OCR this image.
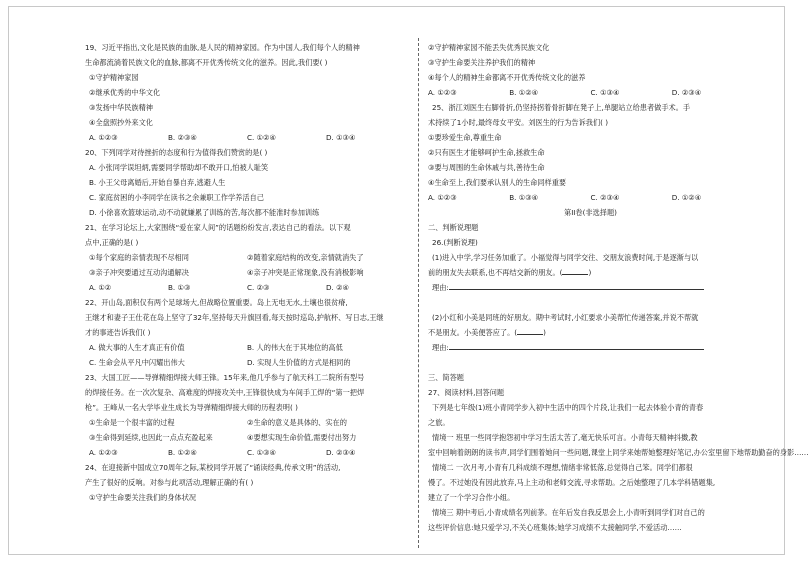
19、习近平指出,文化是民族的血脉,是人民的精神家园。作为中国人,我们每个人的精神
生命都流淌着民族文化的血脉,都离不开优秀传统文化的滋养。因此,我们要( )
①守护精神家园
②继承优秀的中华文化
③发扬中华民族精神
④全盘照抄外来文化
A. ①②③	B. ②③④	C. ①②④	D. ①③④
20、下列同学对待挫折的态度和行为值得我们赞赏的是( )
A. 小张同学误坦炳,需要同学帮助却不敢开口,怕被人耻笑
B. 小王父母离婚后,开始自暴自弃,逃避人生
C. 家庭贫困的小李同学在读书之余兼职工作学养活自己
D. 小徐喜欢篮球运动,动不动就嫌累了训练的苦,每次都不能准时参加训练
21、在学习论坛上,大家围绕“爱在家人间”的话题纷纷发言,表达自己的看法。以下观
点中,正确的是( )
①每个家庭的亲情表现不尽相同	②随着家庭结构的改变,亲情就消失了
③亲子冲突要通过互动沟通解决	④亲子冲突是正常现象,没有消极影响
A. ①②	B. ①③	C. ②③	D. ②④
22、开山岛,面积仅有两个足球场大,但战略位置重要。岛上无电无水,土壤也很贫瘠,
王继才和妻子王仕花在岛上坚守了32年,坚持每天升旗回看,每天按时巡岛,护航杯、写日志,王继
才的事迹告诉我们( )
A. 做大事的人生才真正有价值	B. 人的伟大在于其地位的高低
C. 生命会从平凡中闪耀出伟大	D. 实现人生价值的方式是相同的
23、大国工匠——导弹精细焊接大师王锋。15年来,他几乎参与了航天科工二院所有型号
的焊接任务。在一次次复杂、高难度的焊接攻关中,王锋很快成为车间手工焊的“第一把焊
枪”。王峰从一名大学毕业生成长为导弹精细焊接大师的历程表明( )
①生命是一个很丰富的过程	②生命的意义是具体的、实在的
③生命得到延续,也因此一点点充盈起来	④要想实现生命价值,需要付出努力
A. ①②③	B. ①②④	C. ①③④	D. ②③④
24、在迎接新中国成立70周年之际,某校同学开展了“诵读经典,传承文明”的活动,
产生了很好的反响。对参与此项活动,理解正确的有( )
①守护生命要关注我们的身体状况
②守护精神家园不能丢失优秀民族文化
③守护生命要关注养护我们的精神
④每个人的精神生命都离不开优秀传统文化的滋养
A. ①②③	B. ①②④	C. ①③④	D. ②③④
25、浙江刘医生右脚骨折,仍坚持拐着骨折脚在凳子上,单腿站立给患者做手术。手
术持续了1小时,最终母女平安。刘医生的行为告诉我们( )
①要珍爱生命,尊重生命
②只有医生才能够呵护生命,拯救生命
③要与周围的生命休戚与共,善待生命
④生命至上,我们要承认别人的生命同样重要
A. ①②③	B. ①③④	C. ②③④	D. ①②④
第II卷(非选择题)
二、判断说理题
26.(判断说理)
(1)进入中学,学习任务加重了。小福觉得与同学交往、交朋友浪费时间,于是逐渐与以
前的朋友失去联系,也不再结交新的朋友。(	)
理由:

(2)小红和小美是同班的好朋友。期中考试时,小红要求小美帮忙传递答案,并说不帮就
不是朋友。小美便答应了。(	)
理由:

三、简答题
27、阅读材料,回答问题
下列是七年级(1)班小青同学步入初中生活中的四个片段,让我们一起去体验小青的青春
之旅。
情境一 班里一些同学抱怨初中学习生活太苦了,毫无快乐可言。小青每天精神抖擞,教
室中回响着朗朗的读书声,同学们围着她问一些问题,课堂上同学来她帮她整理好笔记,办公室里留下地帮助勤奋的身影……
情境二 一次月考,小青有几科成绩不理想,情绪非常低落,总觉得自己笨。同学们都很
慢了。不过她没有因此放弃,马上主动和老师交流,寻求帮助。之后她整理了几本学科错题集,
建立了一个学习合作小组。
情境三 期中考后,小青成绩名列前茅。在年后发自我反思会上,小青听到同学们对自己的
这些评价信息:她只爱学习,不关心班集体;她学习成绩不太接触同学,不爱活动……
